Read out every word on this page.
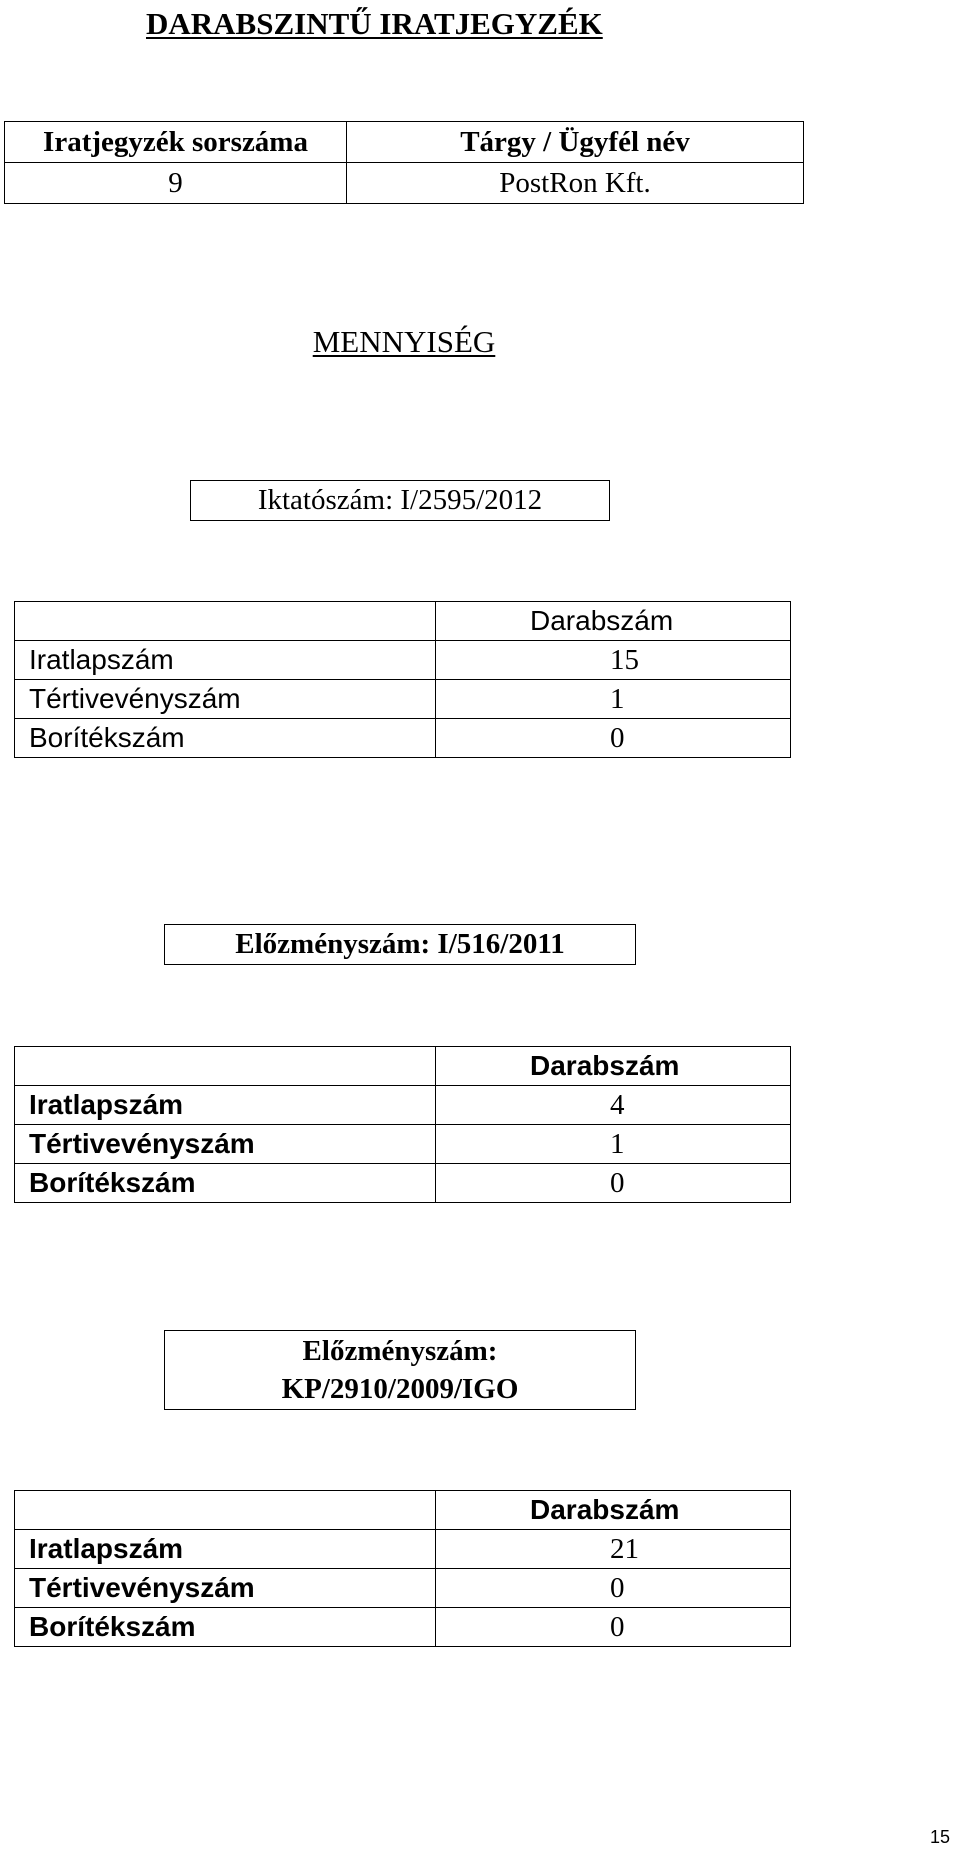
DARABSZINTŰ IRATJEGYZÉK
Iratjegyzék sorszáma	Tárgy / Ügyfél név
9	PostRon Kft.
MENNYISÉG
Iktatószám: I/2595/2012
	Darabszám
Iratlapszám	15
Tértivevényszám	1
Borítékszám	0
Előzményszám: I/516/2011
	Darabszám
Iratlapszám	4
Tértivevényszám	1
Borítékszám	0
Előzményszám:
KP/2910/2009/IGO
	Darabszám
Iratlapszám	21
Tértivevényszám	0
Borítékszám	0
15
